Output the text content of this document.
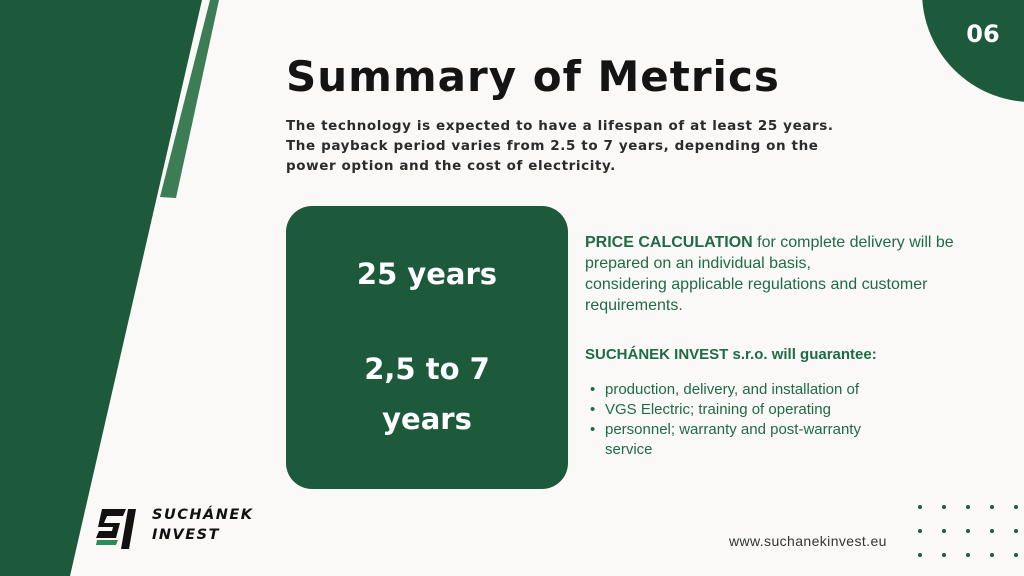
06
Summary of Metrics
The technology is expected to have a lifespan of at least 25 years.
The payback period varies from 2.5 to 7 years, depending on the
power option and the cost of electricity.
25 years
2,5 to 7
years
PRICE CALCULATION for complete delivery will be
prepared on an individual basis,
considering applicable regulations and customer
requirements.
SUCHÁNEK INVEST s.r.o. will guarantee:
• production, delivery, and installation of
• VGS Electric; training of operating
• personnel; warranty and post-warranty
service
SUCHÁNEK
INVEST	www.suchanekinvest.eu
